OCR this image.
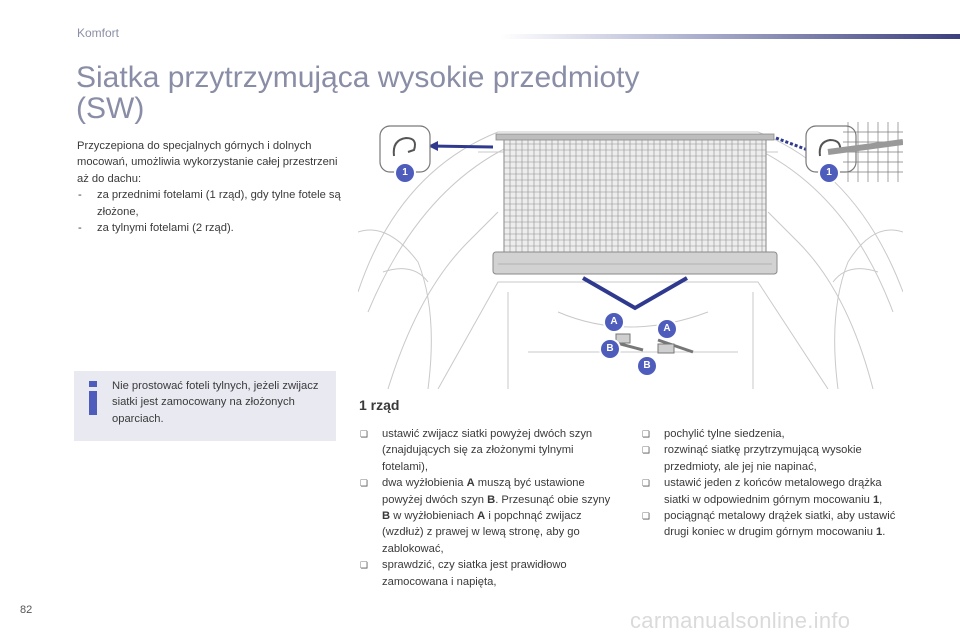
Komfort
Siatka przytrzymująca wysokie przedmioty (SW)

Przyczepiona do specjalnych górnych i dolnych mocowań, umożliwia wykorzystanie całej przestrzeni aż do dachu:

- za przednimi fotelami (1 rząd), gdy tylne fotele są złożone,
- za tylnymi fotelami (2 rząd).
Nie prostować foteli tylnych, jeżeli zwijacz siatki jest zamocowany na złożonych oparciach.
1	1
A
A
B
B
1 rząd
❏ ustawić zwijacz siatki powyżej dwóch szyn (znajdujących się za złożonymi tylnymi fotelami),
❏ dwa wyżłobienia A muszą być ustawione powyżej dwóch szyn B. Przesunąć obie szyny B w wyżłobieniach A i popchnąć zwijacz (wzdłuż) z prawej w lewą stronę, aby go zablokować,
❏ sprawdzić, czy siatka jest prawidłowo zamocowana i napięta,
❏ pochylić tylne siedzenia,
❏ rozwinąć siatkę przytrzymującą wysokie przedmioty, ale jej nie napinać,
❏ ustawić jeden z końców metalowego drążka siatki w odpowiednim górnym mocowaniu 1,
❏ pociągnąć metalowy drążek siatki, aby ustawić drugi koniec w drugim górnym mocowaniu 1.
82	carmanualsonline.info
